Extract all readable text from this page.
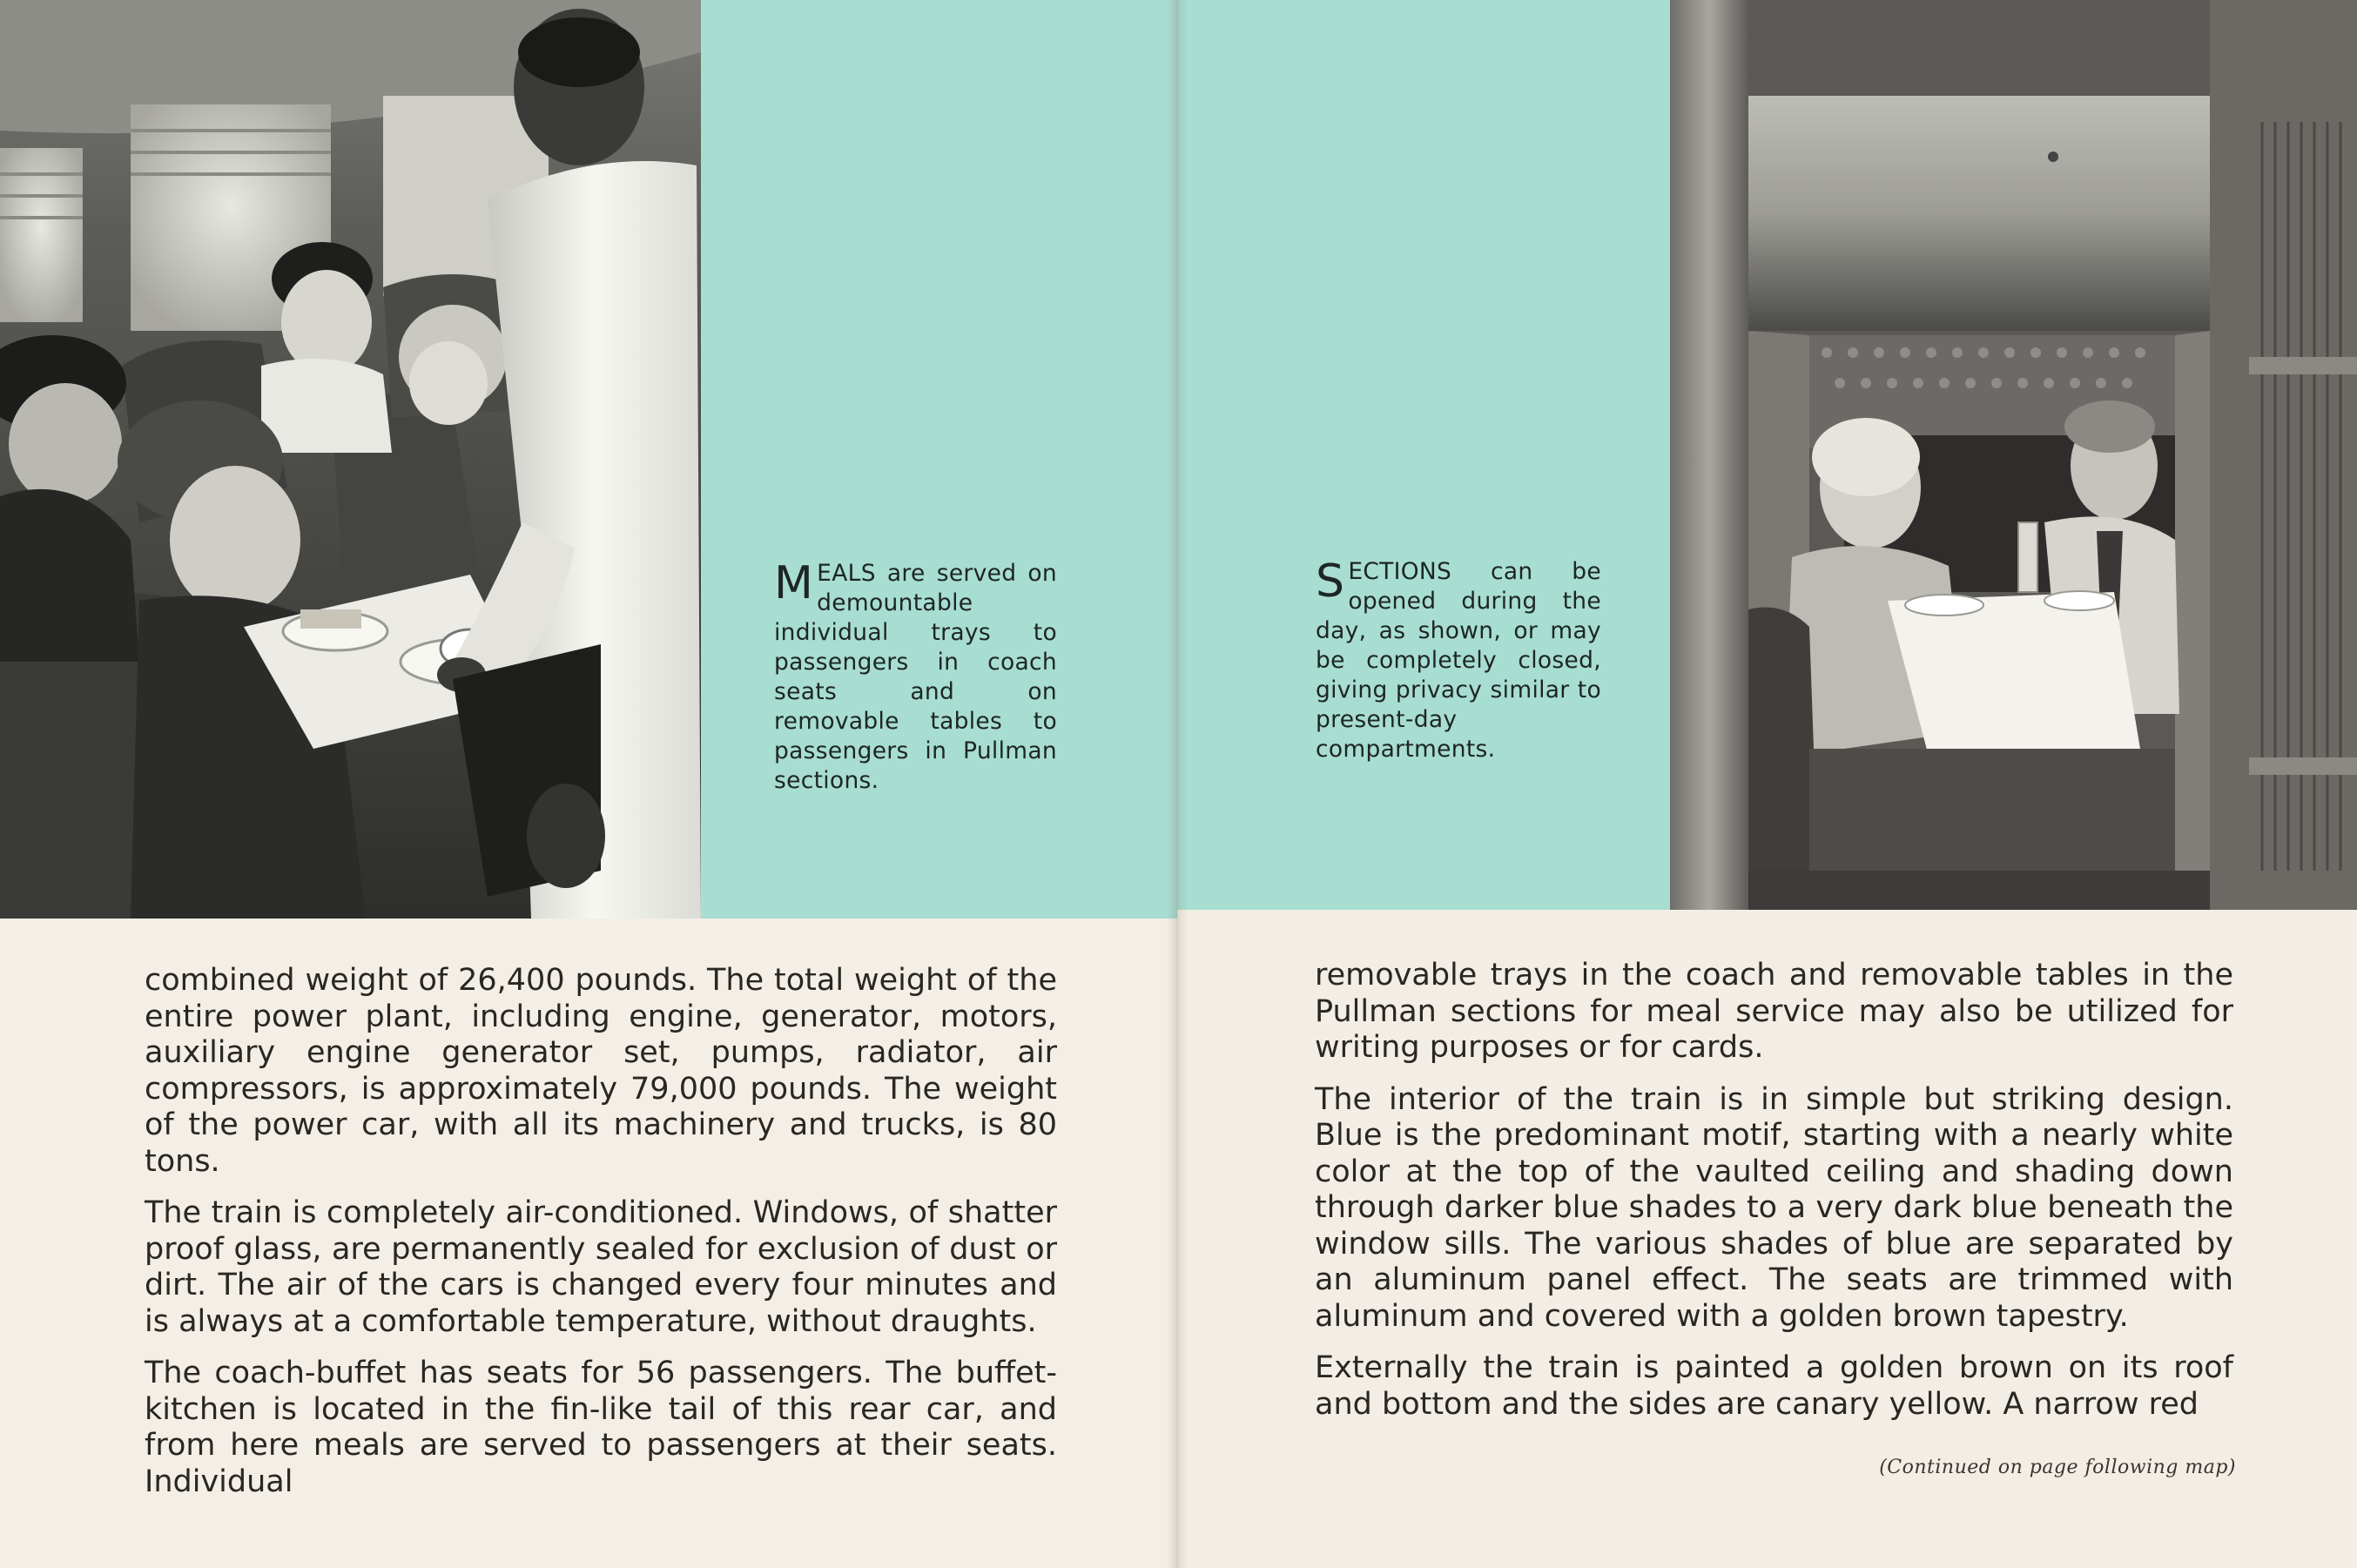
MEALS are served on demountable individual trays to passengers in coach seats and on removable tables to passengers in Pullman sections.
SECTIONS can be opened during the day, as shown, or may be completely closed, giving privacy similar to present-day compartments.

combined weight of 26,400 pounds. The total weight of the entire power plant, including engine, generator, motors, auxiliary engine generator set, pumps, radiator, air compressors, is approximately 79,000 pounds. The weight of the power car, with all its machinery and trucks, is 80 tons.

The train is completely air-conditioned. Windows, of shatter proof glass, are permanently sealed for exclusion of dust or dirt. The air of the cars is changed every four minutes and is always at a comfortable temperature, without draughts.

The coach-buffet has seats for 56 passengers. The buffet-kitchen is located in the fin-like tail of this rear car, and from here meals are served to passengers at their seats. Individual

removable trays in the coach and removable tables in the Pullman sections for meal service may also be utilized for writing purposes or for cards.

The interior of the train is in simple but striking design. Blue is the predominant motif, starting with a nearly white color at the top of the vaulted ceiling and shading down through darker blue shades to a very dark blue beneath the window sills. The various shades of blue are separated by an aluminum panel effect. The seats are trimmed with aluminum and covered with a golden brown tapestry.

Externally the train is painted a golden brown on its roof and bottom and the sides are canary yellow. A narrow red

(Continued on page following map)
